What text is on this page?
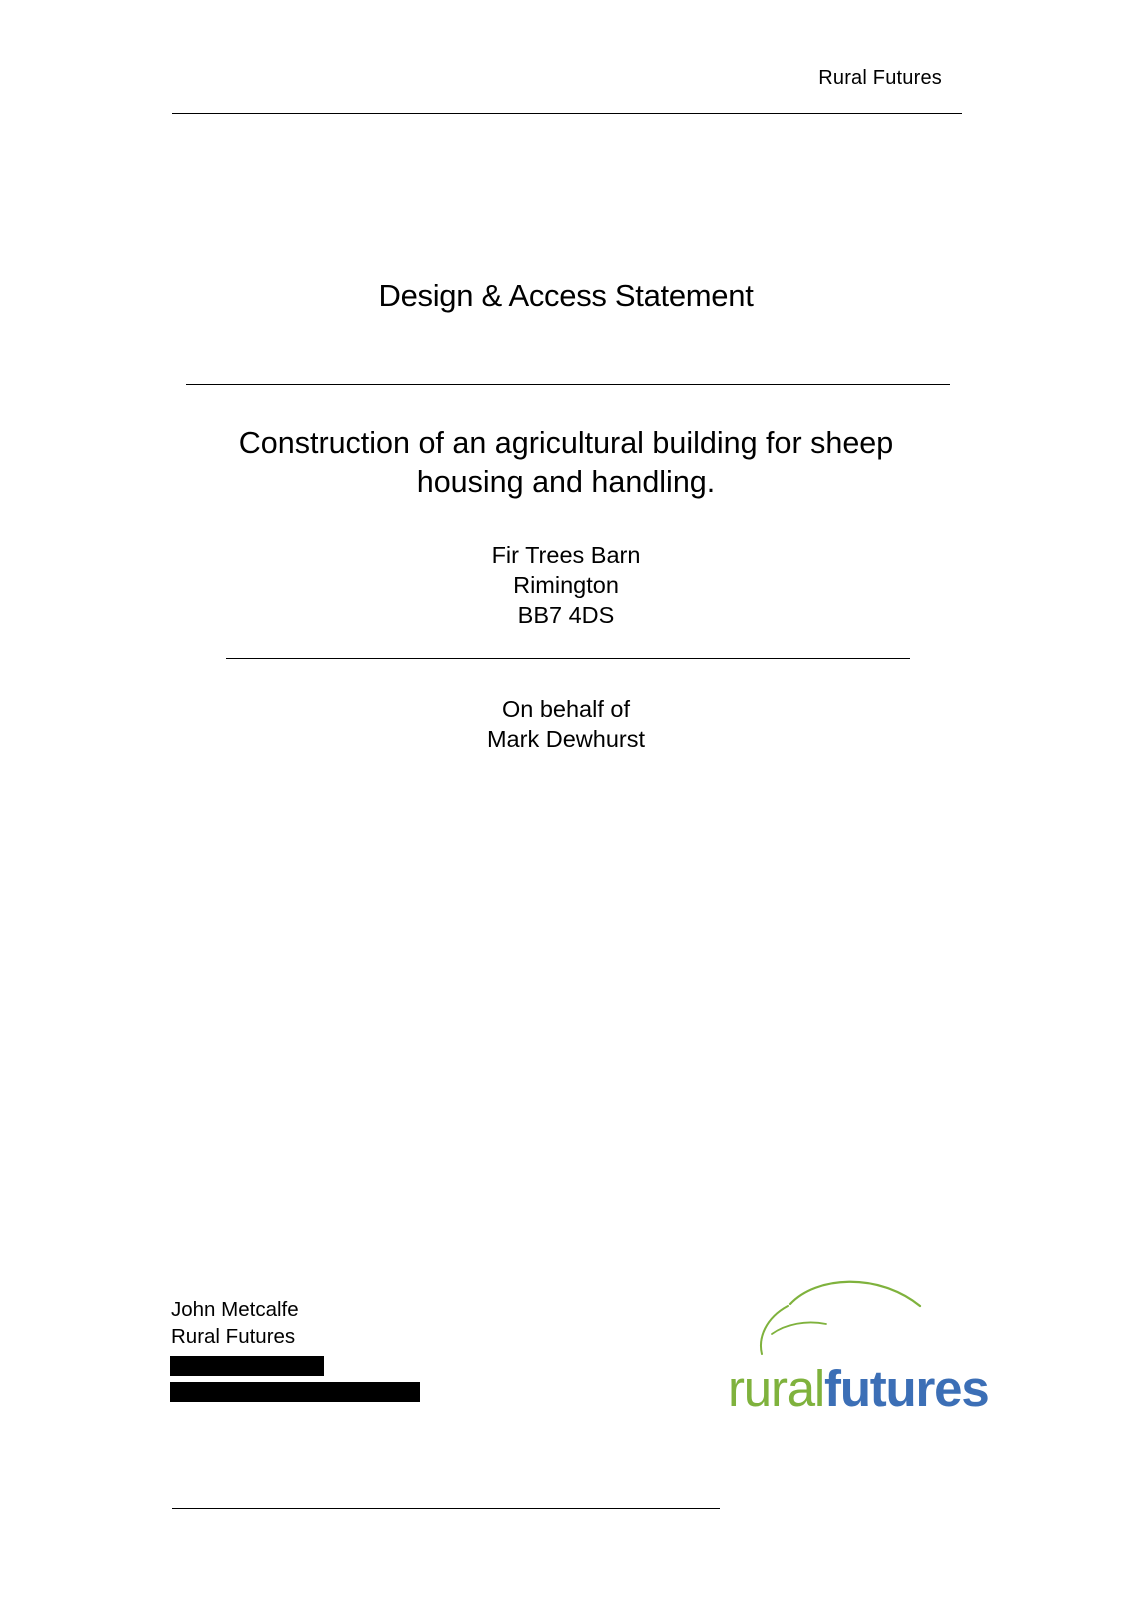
Rural Futures
Design & Access Statement
Construction of an agricultural building for sheep
housing and handling.
Fir Trees Barn
Rimington
BB7 4DS
On behalf of
Mark Dewhurst
John Metcalfe
Rural Futures
ruralfutures
